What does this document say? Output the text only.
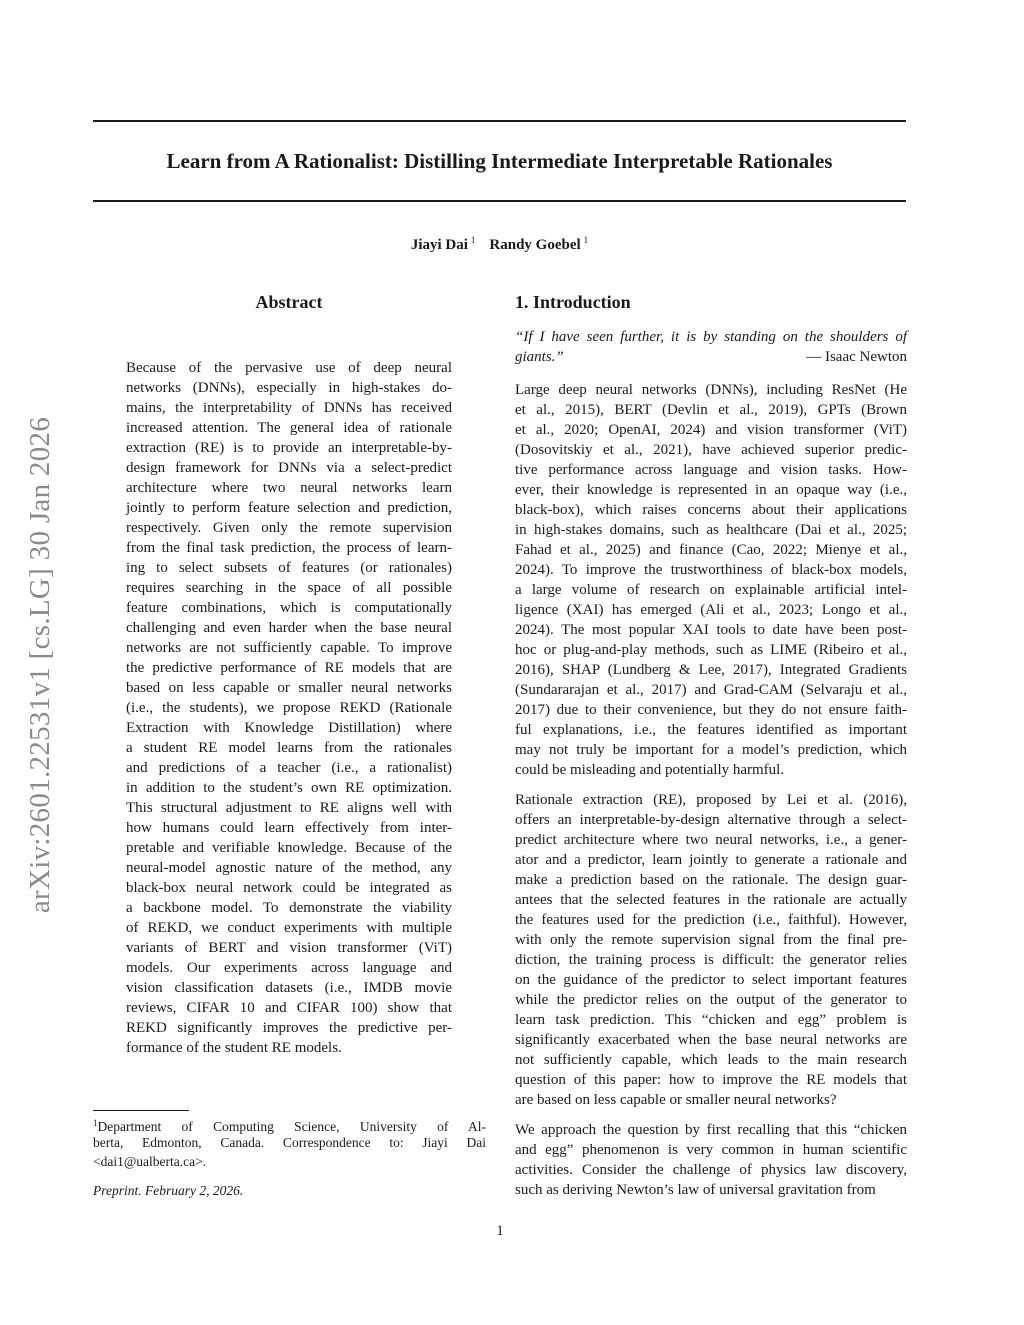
Learn from A Rationalist: Distilling Intermediate Interpretable Rationales
Jiayi Dai $^1$ Randy Goebel $^1$
arXiv:2601.22531v1 [cs.LG] 30 Jan 2026
Abstract
Because of the pervasive use of deep neural
networks (DNNs), especially in high-stakes do-
mains, the interpretability of DNNs has received
increased attention. The general idea of rationale
extraction (RE) is to provide an interpretable-by-
design framework for DNNs via a select-predict
architecture where two neural networks learn
jointly to perform feature selection and prediction,
respectively. Given only the remote supervision
from the final task prediction, the process of learn-
ing to select subsets of features (or rationales)
requires searching in the space of all possible
feature combinations, which is computationally
challenging and even harder when the base neural
networks are not sufficiently capable. To improve
the predictive performance of RE models that are
based on less capable or smaller neural networks
(i.e., the students), we propose REKD (Rationale
Extraction with Knowledge Distillation) where
a student RE model learns from the rationales
and predictions of a teacher (i.e., a rationalist)
in addition to the student’s own RE optimization.
This structural adjustment to RE aligns well with
how humans could learn effectively from inter-
pretable and verifiable knowledge. Because of the
neural-model agnostic nature of the method, any
black-box neural network could be integrated as
a backbone model. To demonstrate the viability
of REKD, we conduct experiments with multiple
variants of BERT and vision transformer (ViT)
models. Our experiments across language and
vision classification datasets (i.e., IMDB movie
reviews, CIFAR 10 and CIFAR 100) show that
REKD significantly improves the predictive per-
formance of the student RE models.
1. Introduction
“If I have seen further, it is by standing on the shoulders of
giants.”	— Isaac Newton
Large deep neural networks (DNNs), including ResNet (He
et al., 2015), BERT (Devlin et al., 2019), GPTs (Brown
et al., 2020; OpenAI, 2024) and vision transformer (ViT)
(Dosovitskiy et al., 2021), have achieved superior predic-
tive performance across language and vision tasks. How-
ever, their knowledge is represented in an opaque way (i.e.,
black-box), which raises concerns about their applications
in high-stakes domains, such as healthcare (Dai et al., 2025;
Fahad et al., 2025) and finance (Cao, 2022; Mienye et al.,
2024). To improve the trustworthiness of black-box models,
a large volume of research on explainable artificial intel-
ligence (XAI) has emerged (Ali et al., 2023; Longo et al.,
2024). The most popular XAI tools to date have been post-
hoc or plug-and-play methods, such as LIME (Ribeiro et al.,
2016), SHAP (Lundberg & Lee, 2017), Integrated Gradients
(Sundararajan et al., 2017) and Grad-CAM (Selvaraju et al.,
2017) due to their convenience, but they do not ensure faith-
ful explanations, i.e., the features identified as important
may not truly be important for a model’s prediction, which
could be misleading and potentially harmful.
Rationale extraction (RE), proposed by Lei et al. (2016),
offers an interpretable-by-design alternative through a select-
predict architecture where two neural networks, i.e., a gener-
ator and a predictor, learn jointly to generate a rationale and
make a prediction based on the rationale. The design guar-
antees that the selected features in the rationale are actually
the features used for the prediction (i.e., faithful). However,
with only the remote supervision signal from the final pre-
diction, the training process is difficult: the generator relies
on the guidance of the predictor to select important features
while the predictor relies on the output of the generator to
learn task prediction. This “chicken and egg” problem is
significantly exacerbated when the base neural networks are
not sufficiently capable, which leads to the main research
question of this paper: how to improve the RE models that
are based on less capable or smaller neural networks?
We approach the question by first recalling that this “chicken
and egg” phenomenon is very common in human scientific
activities. Consider the challenge of physics law discovery,
such as deriving Newton’s law of universal gravitation from
$^1$Department of Computing Science, University of Al-
berta, Edmonton, Canada. Correspondence to: Jiayi Dai
<dai1@ualberta.ca>.
Preprint. February 2, 2026.
1
